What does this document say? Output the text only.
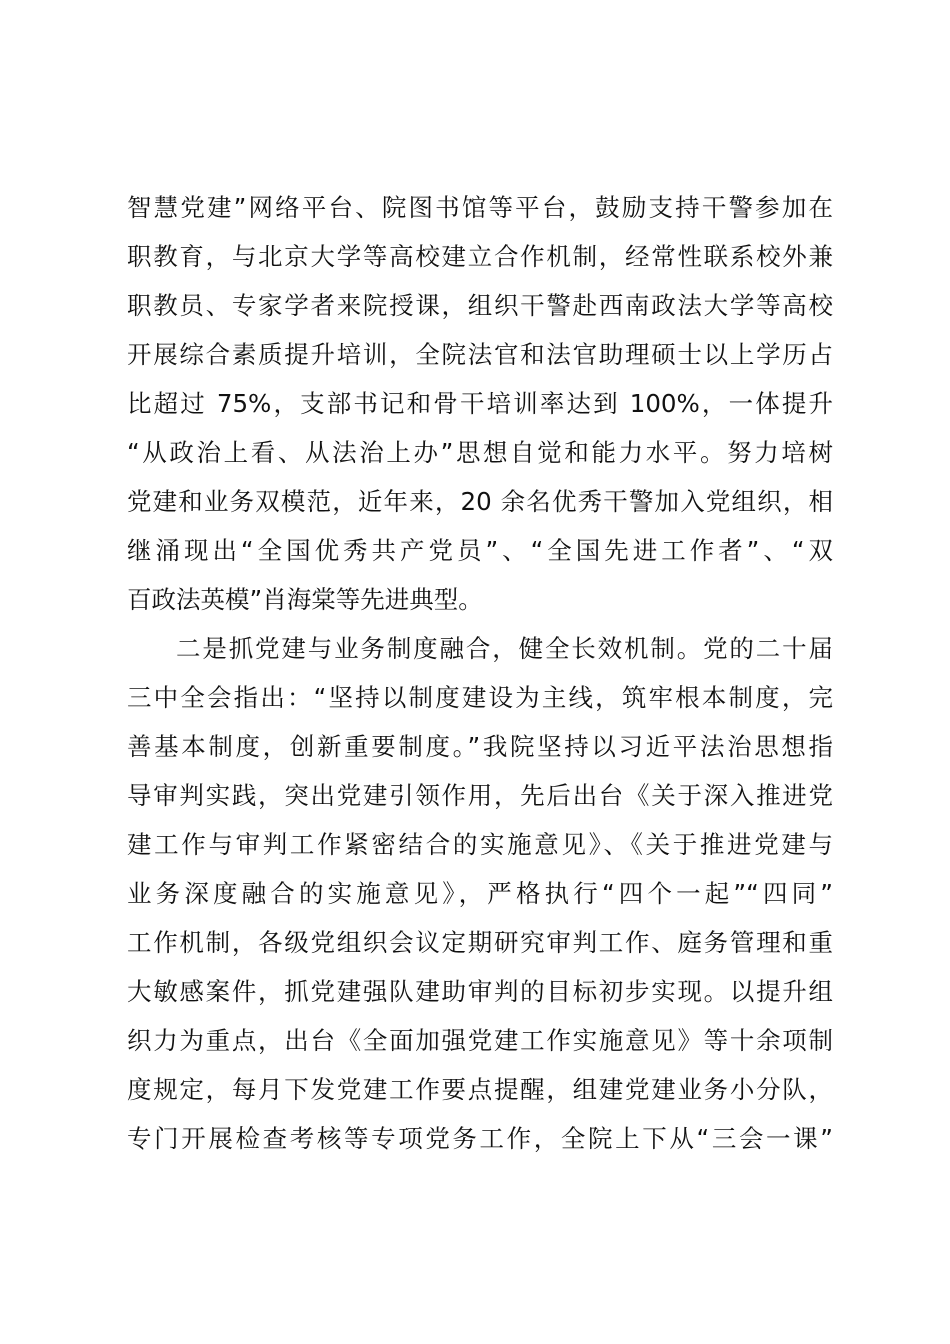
智慧党建”网络平台、院图书馆等平台，鼓励支持干警参加在
职教育，与北京大学等高校建立合作机制，经常性联系校外兼
职教员、专家学者来院授课，组织干警赴西南政法大学等高校
开展综合素质提升培训，全院法官和法官助理硕士以上学历占
比超过 75%，支部书记和骨干培训率达到 100%，一体提升
“从政治上看、从法治上办”思想自觉和能力水平。努力培树
党建和业务双模范，近年来，20 余名优秀干警加入党组织，相
继涌现出“全国优秀共产党员”、“全国先进工作者”、“双
百政法英模”肖海棠等先进典型。
二是抓党建与业务制度融合，健全长效机制。党的二十届
三中全会指出：“坚持以制度建设为主线，筑牢根本制度，完
善基本制度，创新重要制度。”我院坚持以习近平法治思想指
导审判实践，突出党建引领作用，先后出台《关于深入推进党
建工作与审判工作紧密结合的实施意见》、《关于推进党建与
业务深度融合的实施意见》，严格执行“四个一起”“四同”
工作机制，各级党组织会议定期研究审判工作、庭务管理和重
大敏感案件，抓党建强队建助审判的目标初步实现。以提升组
织力为重点，出台《全面加强党建工作实施意见》等十余项制
度规定，每月下发党建工作要点提醒，组建党建业务小分队，
专门开展检查考核等专项党务工作，全院上下从“三会一课”
